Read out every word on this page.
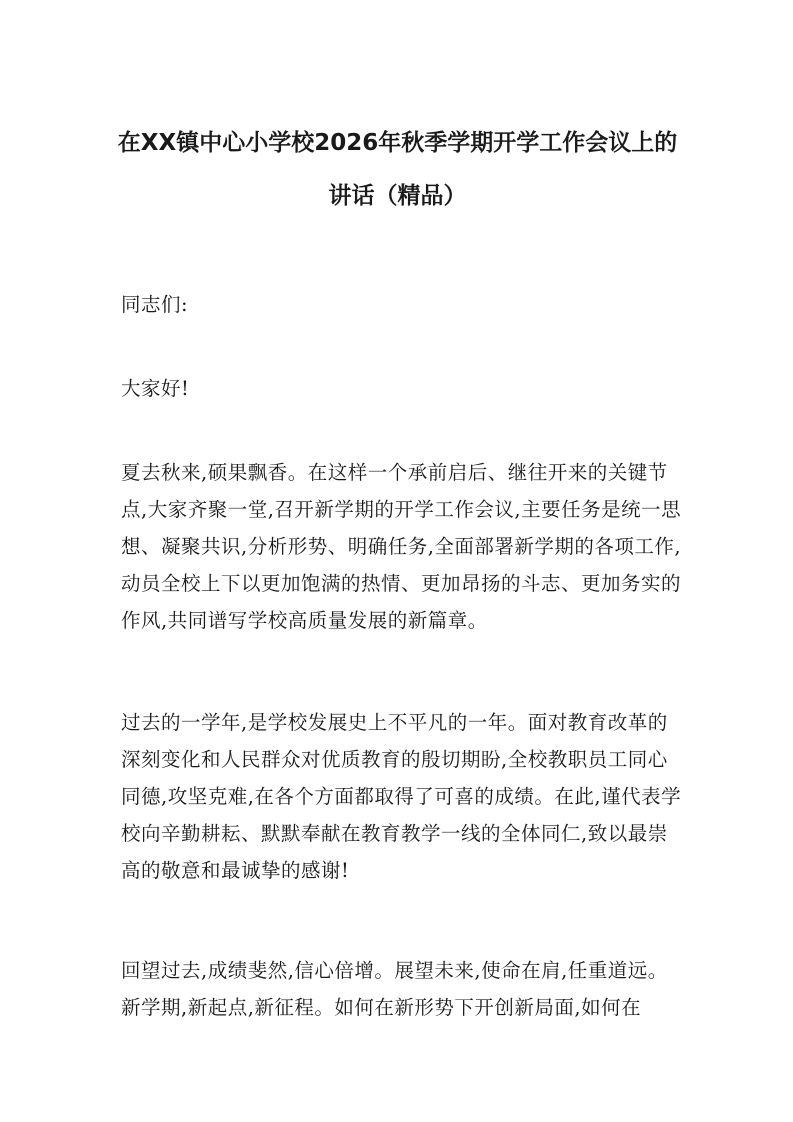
在XX镇中心小学校2026年秋季学期开学工作会议上的讲话（精品）

同志们:

大家好!

夏去秋来,硕果飘香。在这样一个承前启后、继往开来的关键节点,大家齐聚一堂,召开新学期的开学工作会议,主要任务是统一思想、凝聚共识,分析形势、明确任务,全面部署新学期的各项工作,动员全校上下以更加饱满的热情、更加昂扬的斗志、更加务实的作风,共同谱写学校高质量发展的新篇章。

过去的一学年,是学校发展史上不平凡的一年。面对教育改革的深刻变化和人民群众对优质教育的殷切期盼,全校教职员工同心同德,攻坚克难,在各个方面都取得了可喜的成绩。在此,谨代表学校向辛勤耕耘、默默奉献在教育教学一线的全体同仁,致以最崇高的敬意和最诚挚的感谢!

回望过去,成绩斐然,信心倍增。展望未来,使命在肩,任重道远。新学期,新起点,新征程。如何在新形势下开创新局面,如何在
